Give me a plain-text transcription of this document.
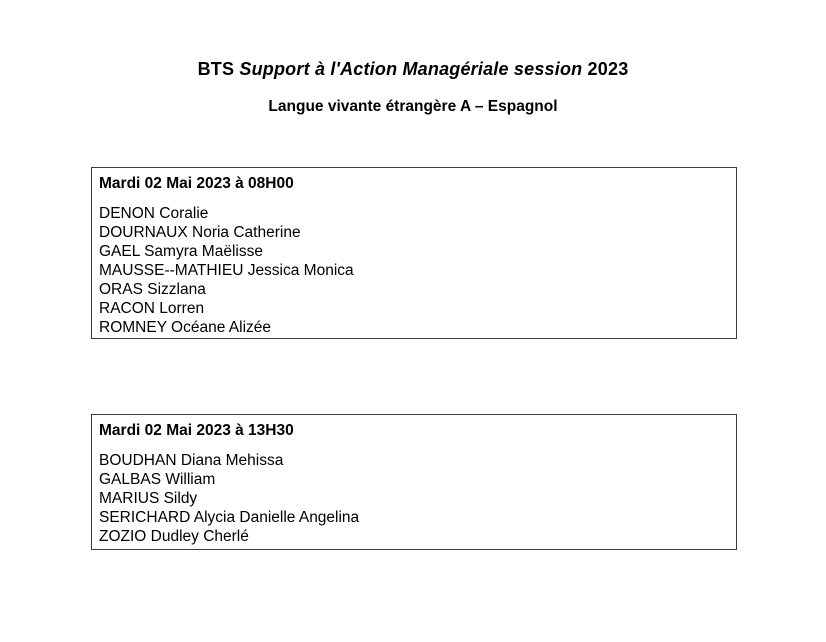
BTS Support à l'Action Managériale session 2023
Langue vivante étrangère A – Espagnol
Mardi 02 Mai 2023 à 08H00
DENON Coralie
DOURNAUX Noria Catherine
GAEL Samyra Maëlisse
MAUSSE--MATHIEU Jessica Monica
ORAS Sizzlana
RACON Lorren
ROMNEY Océane Alizée
Mardi 02 Mai 2023 à 13H30
BOUDHAN Diana Mehissa
GALBAS William
MARIUS Sildy
SERICHARD Alycia Danielle Angelina
ZOZIO Dudley Cherlé
